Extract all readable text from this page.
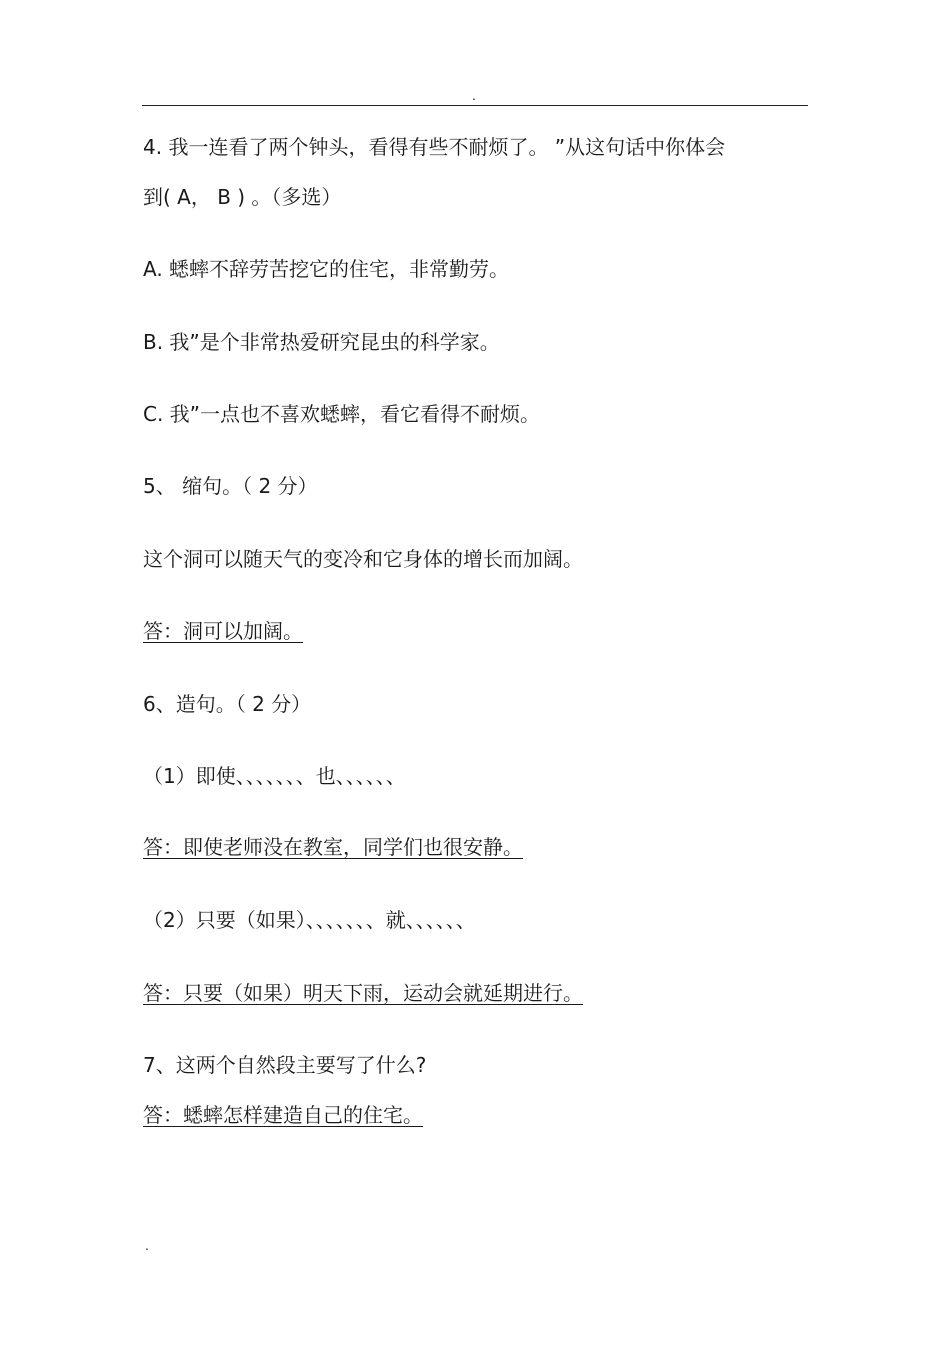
.
4. 我一连看了两个钟头，看得有些不耐烦了。 ”从这句话中你体会
到( A， B ) 。（多选）
A. 蟋蟀不辞劳苦挖它的住宅，非常勤劳。
B. 我”是个非常热爱研究昆虫的科学家。
C. 我”一点也不喜欢蟋蟀，看它看得不耐烦。
5、 缩句。（ 2 分）
这个洞可以随天气的变冷和它身体的增长而加阔。
答：洞可以加阔。
6、造句。（ 2 分）
（1）即使、、、、、、、也、、、、、、
答：即使老师没在教室，同学们也很安静。
（2）只要（如果）、、、、、、、就、、、、、、
答：只要（如果）明天下雨，运动会就延期进行。
7、这两个自然段主要写了什么?
答：蟋蟀怎样建造自己的住宅。
.
